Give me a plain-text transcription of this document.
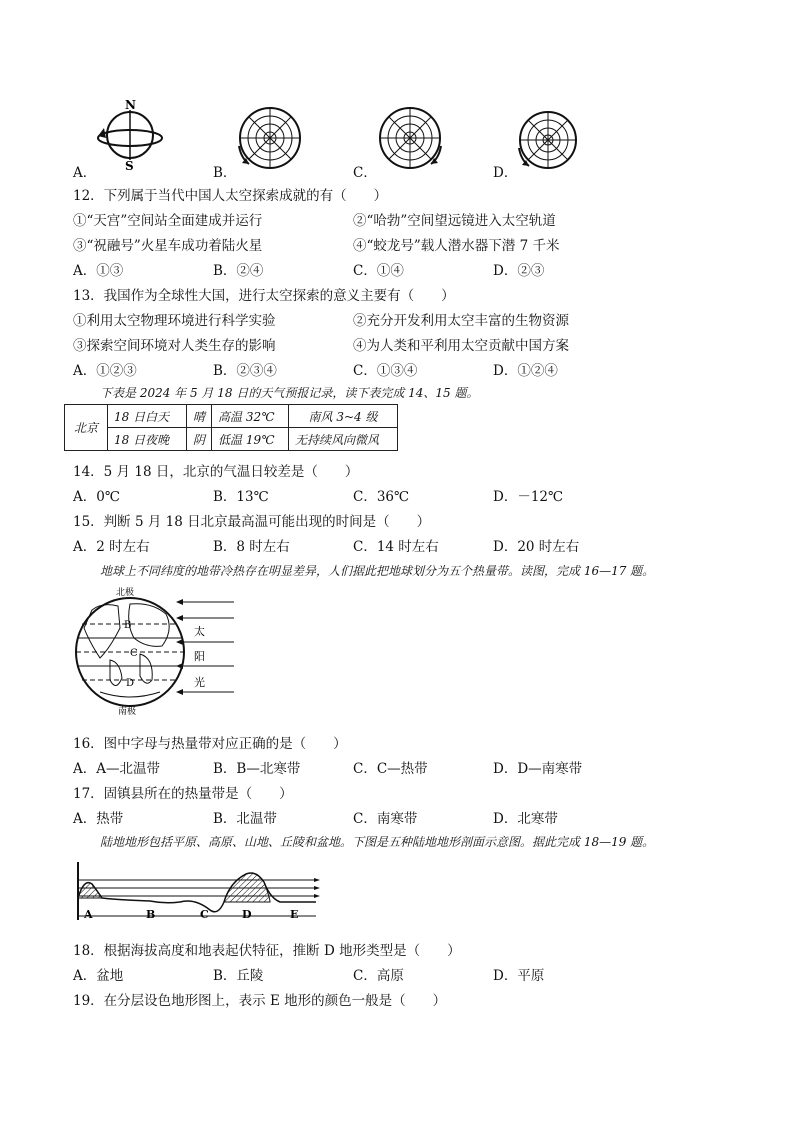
N
S
A．	B．	C．	D．
12．下列属于当代中国人太空探索成就的有（　　）
①“天宫”空间站全面建成并运行	②“哈勃”空间望远镜进入太空轨道
③“祝融号”火星车成功着陆火星	④“蛟龙号”载人潜水器下潜 7 千米
A．①③	B．②④	C．①④	D．②③
13．我国作为全球性大国，进行太空探索的意义主要有（　　）
①利用太空物理环境进行科学实验	②充分开发利用太空丰富的生物资源
③探索空间环境对人类生存的影响	④为人类和平利用太空贡献中国方案
A．①②③	B．②③④	C．①③④	D．①②④
下表是 2024 年 5 月 18 日的天气预报记录，读下表完成 14、15 题。
北京	18 日白天	晴	高温 32℃	南风 3~4 级
	18 日夜晚	阴	低温 19℃	无持续风向微风
14．5 月 18 日，北京的气温日较差是（　　）
A．0℃	B．13℃	C．36℃	D．－12℃
15．判断 5 月 18 日北京最高温可能出现的时间是（　　）
A．2 时左右	B．8 时左右	C．14 时左右	D．20 时左右
地球上不同纬度的地带冷热存在明显差异，人们据此把地球划分为五个热量带。读图，完成 16—17 题。
北极
南极
B
C
D
太
阳
光
16．图中字母与热量带对应正确的是（　　）
A．A—北温带	B．B—北寒带	C．C—热带	D．D—南寒带
17．固镇县所在的热量带是（　　）
A．热带	B．北温带	C．南寒带	D．北寒带
陆地地形包括平原、高原、山地、丘陵和盆地。下图是五种陆地地形剖面示意图。据此完成 18—19 题。
A	B	C	D	E
18．根据海拔高度和地表起伏特征，推断 D 地形类型是（　　）
A．盆地	B．丘陵	C．高原	D．平原
19．在分层设色地形图上，表示 E 地形的颜色一般是（　　）
